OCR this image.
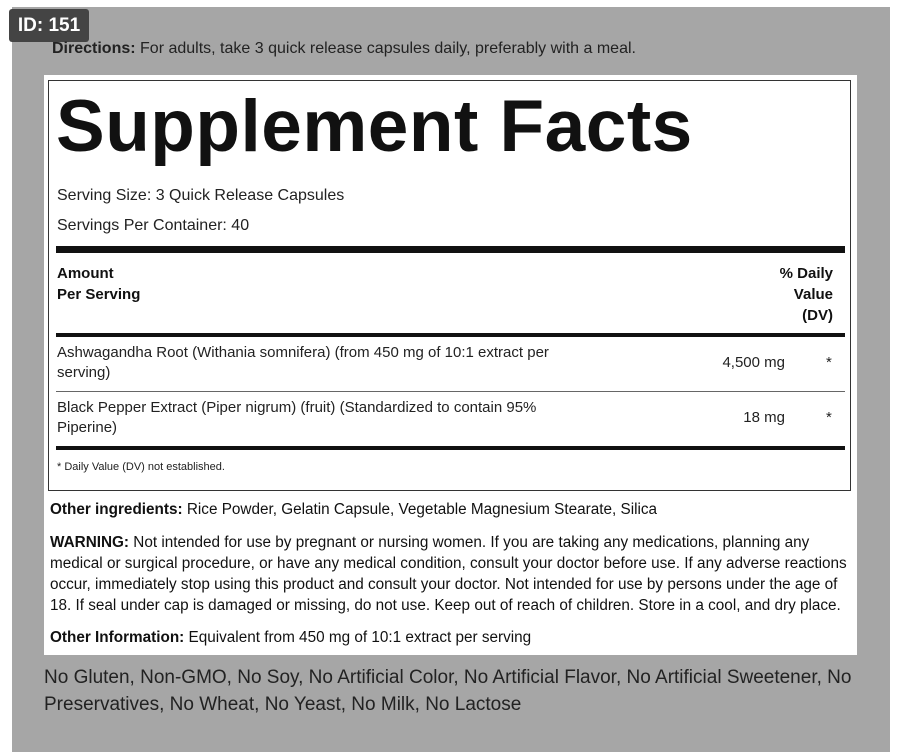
ID: 151
Directions: For adults, take 3 quick release capsules daily, preferably with a meal.
Supplement Facts
Serving Size: 3 Quick Release Capsules
Servings Per Container: 40
Amount
Per Serving
% Daily
Value
(DV)
Ashwagandha Root (Withania somnifera) (from 450 mg of 10:1 extract per serving)
4,500 mg	*
Black Pepper Extract (Piper nigrum) (fruit) (Standardized to contain 95% Piperine)
18 mg	*
* Daily Value (DV) not established.
Other ingredients: Rice Powder, Gelatin Capsule, Vegetable Magnesium Stearate, Silica
WARNING: Not intended for use by pregnant or nursing women. If you are taking any medications, planning any medical or surgical procedure, or have any medical condition, consult your doctor before use. If any adverse reactions occur, immediately stop using this product and consult your doctor. Not intended for use by persons under the age of 18. If seal under cap is damaged or missing, do not use. Keep out of reach of children. Store in a cool, and dry place.
Other Information: Equivalent from 450 mg of 10:1 extract per serving
No Gluten, Non-GMO, No Soy, No Artificial Color, No Artificial Flavor, No Artificial Sweetener, No Preservatives, No Wheat, No Yeast, No Milk, No Lactose
